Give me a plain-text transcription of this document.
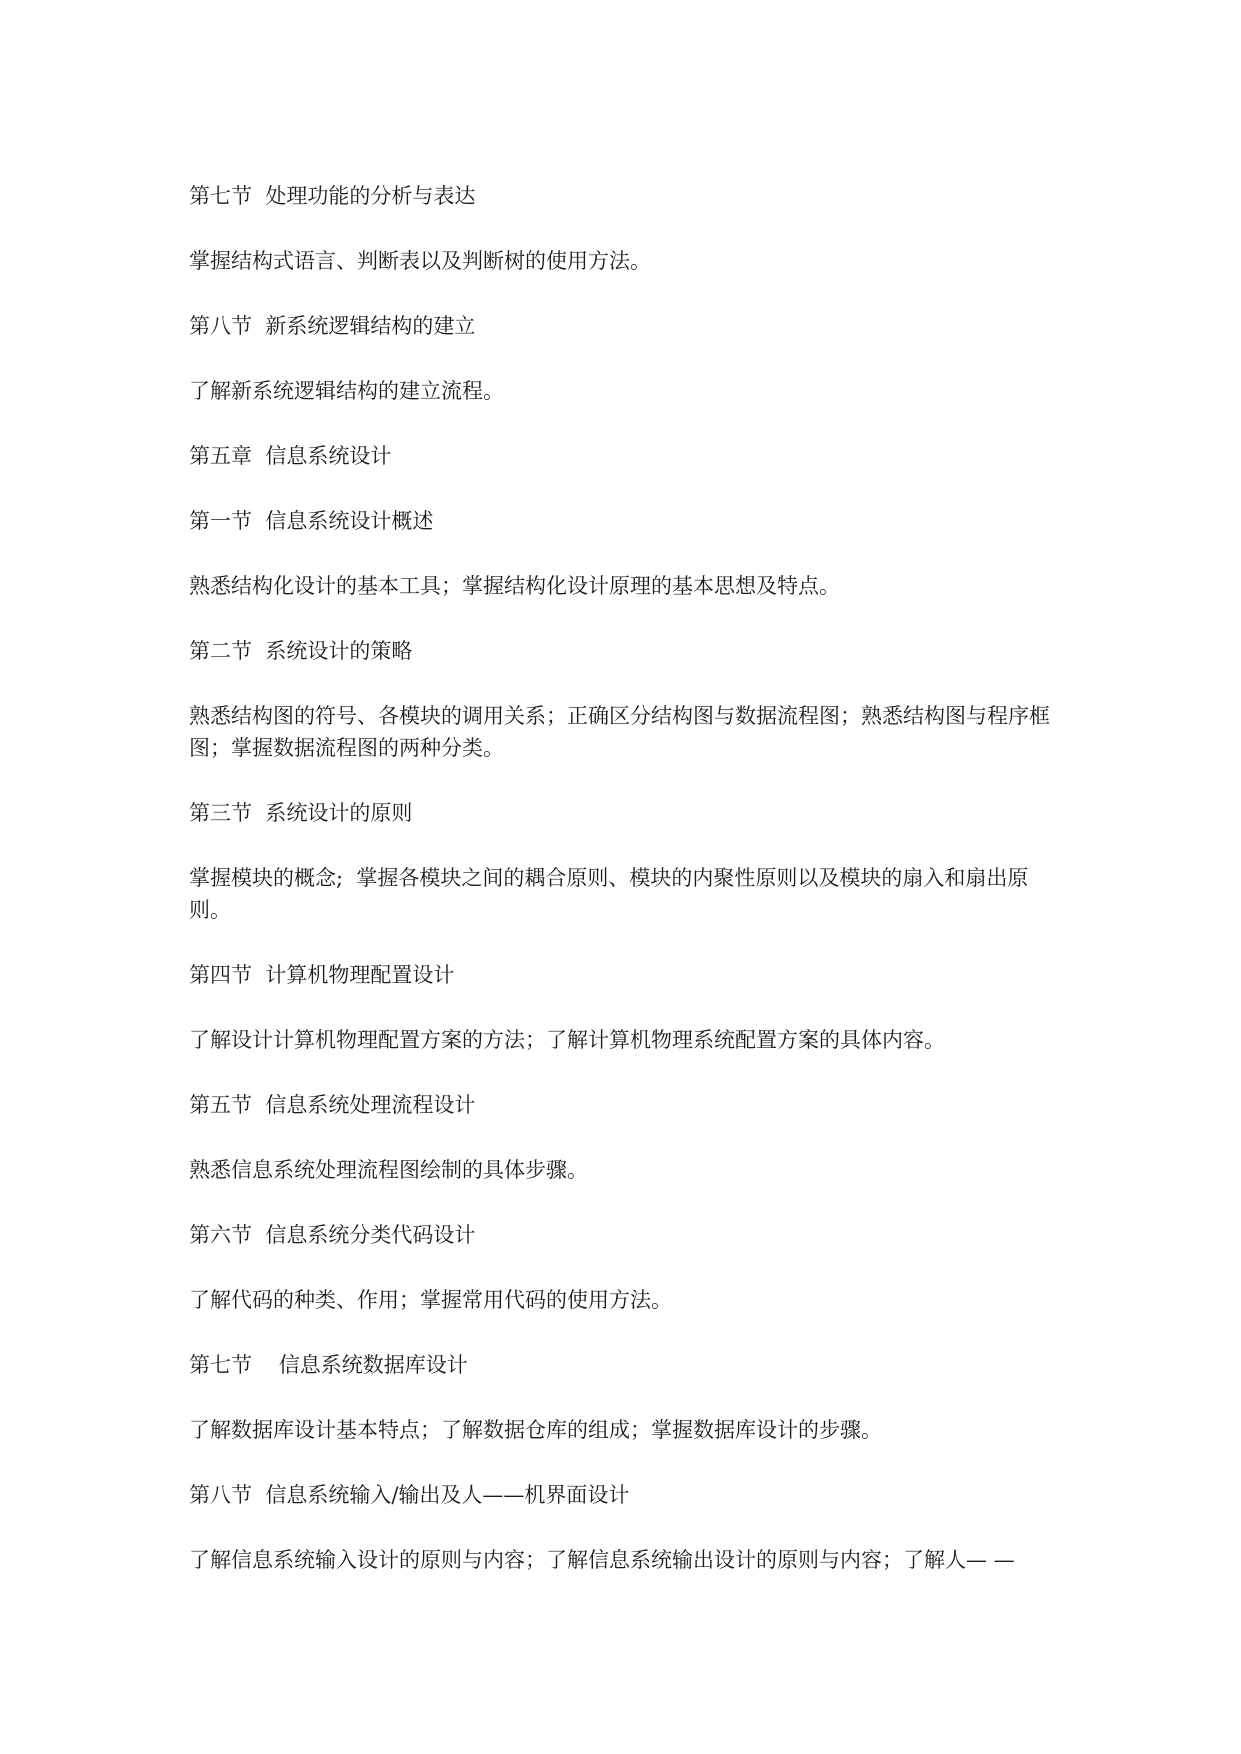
第七节  处理功能的分析与表达

掌握结构式语言、判断表以及判断树的使用方法。

第八节  新系统逻辑结构的建立

了解新系统逻辑结构的建立流程。

第五章  信息系统设计

第一节  信息系统设计概述

熟悉结构化设计的基本工具；掌握结构化设计原理的基本思想及特点。

第二节  系统设计的策略

熟悉结构图的符号、各模块的调用关系；正确区分结构图与数据流程图；熟悉结构图与程序框图；掌握数据流程图的两种分类。

第三节  系统设计的原则

掌握模块的概念;  掌握各模块之间的耦合原则、模块的内聚性原则以及模块的扇入和扇出原则。

第四节  计算机物理配置设计

了解设计计算机物理配置方案的方法；了解计算机物理系统配置方案的具体内容。

第五节  信息系统处理流程设计

熟悉信息系统处理流程图绘制的具体步骤。

第六节  信息系统分类代码设计

了解代码的种类、作用；掌握常用代码的使用方法。

第七节    信息系统数据库设计

了解数据库设计基本特点；了解数据仓库的组成；掌握数据库设计的步骤。

第八节  信息系统输入/输出及人——机界面设计

了解信息系统输入设计的原则与内容；了解信息系统输出设计的原则与内容；了解人— —
